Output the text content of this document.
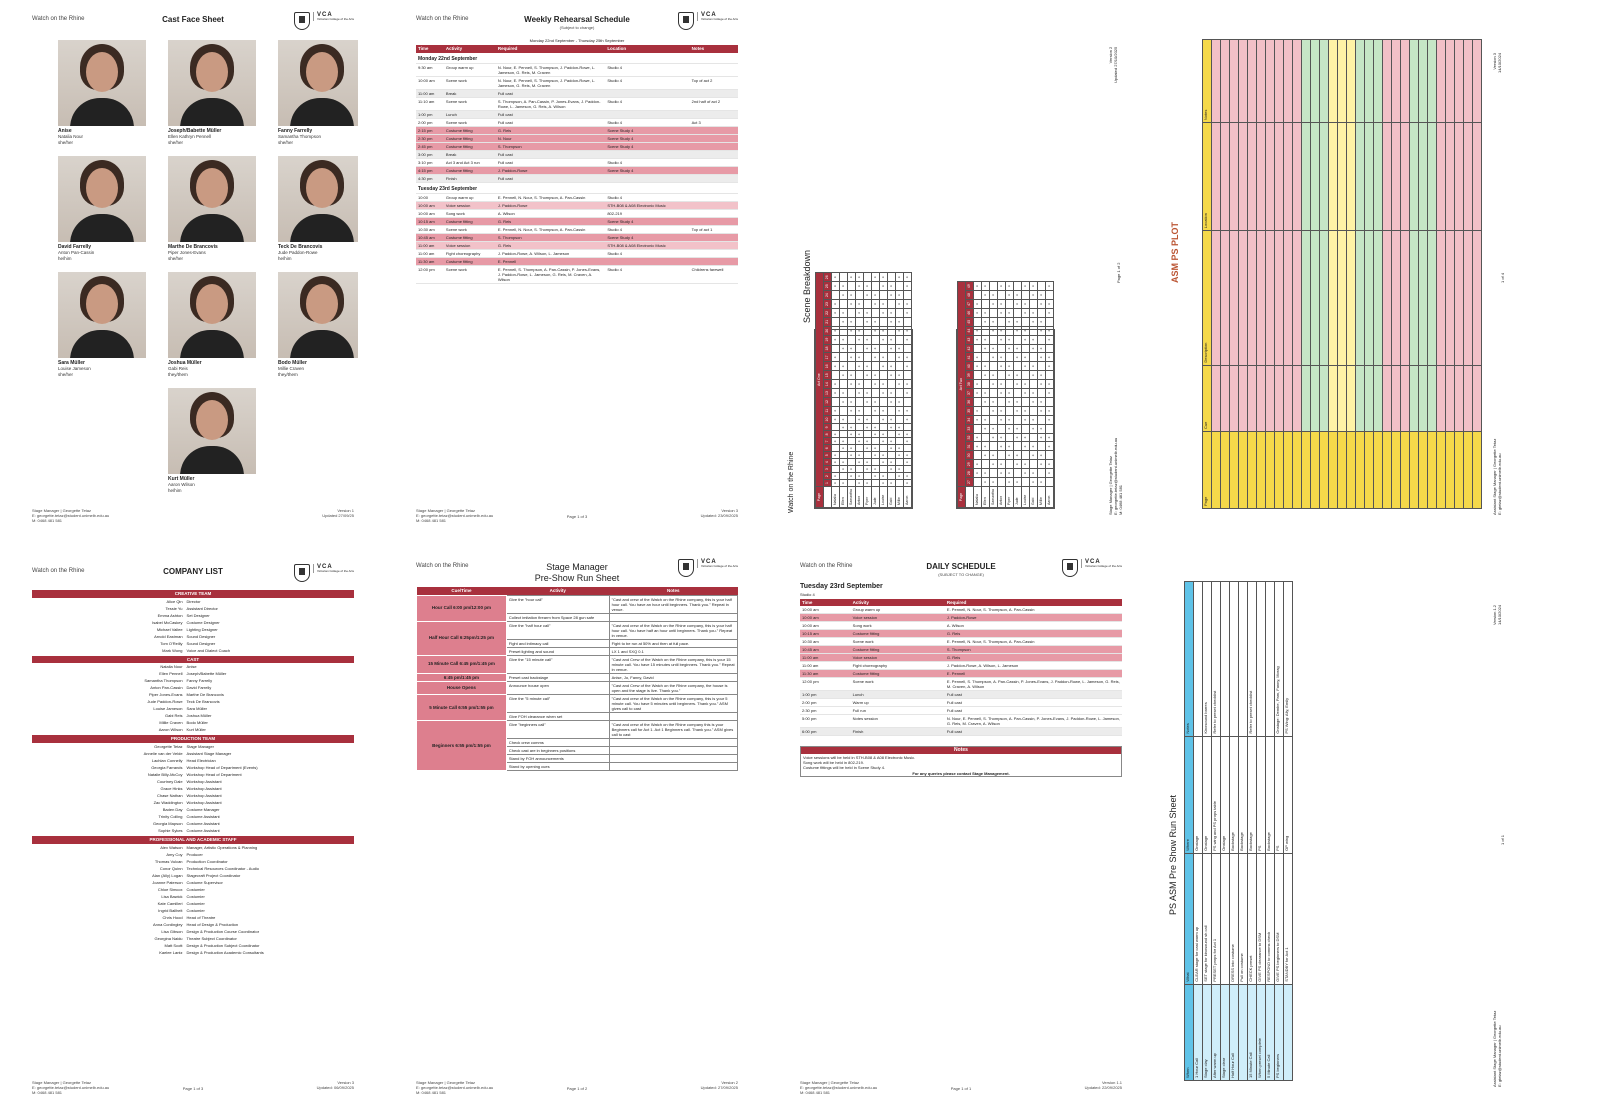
Watch on the Rhine	Cast Face Sheet	VCA
Victorian College of the Arts
Anise
Natalia Nour
she/her
Joseph/Babette Müller
Ellen Kathryn Pennell
she/her
Fanny Farrelly
Samantha Thompson
she/her
David Farrelly
Anton Pan-Cassin
he/him
Marthe De Brancovis
Piper Jones-Evans
she/her
Teck De Brancovis
Jude Paddon-Rowe
he/him
Sara Müller
Louise Jameson
she/her
Joshua Müller
Gabi Reis
they/them
Bodo Müller
Millie Craven
they/them
Kurt Müller
Aaron Wilson
he/him
Stage Manager | Georgette Tetaz
E: georgette.tetaz@student.unimelb.edu.au
M: 0468 481 581
Version 1
Updated 27/09/25
Watch on the Rhine	Weekly Rehearsal Schedule
(Subject to change)
VCA
Victorian College of the Arts
Monday 22nd September - Thursday 25th September
Time	Activity	Required	Location	Notes
Monday 22nd September				
9:30 am	Group warm up	N. Nour, E. Pennell, S. Thompson, J. Paddon-Rowe, L. Jameson, G. Reis, M. Craven	Studio 4	
10:00 am	Scene work	N. Nour, E. Pennell, S. Thompson, J. Paddon-Rowe, L. Jameson, G. Reis, M. Craven	Studio 4	Top of act 2
11:00 am	Break	Full cast		
11:10 am	Scene work	S. Thompson, A. Pan-Cassin, P. Jones-Evans, J. Paddon-Rowe, L. Jameson, G. Reis, A. Wilson	Studio 4	2nd half of act 2
1:00 pm	Lunch	Full cast		
2:00 pm	Scene work	Full cast	Studio 4	Act 3
2:15 pm	Costume fitting	G. Reis	Scene Study 4	
2:30 pm	Costume fitting	N. Nour	Scene Study 4	
2:45 pm	Costume fitting	S. Thompson	Scene Study 4	
3:00 pm	Break	Full cast		
3:10 pm	Act 3 and Act 3 run	Full cast	Studio 4	
4:15 pm	Costume fitting	J. Paddon-Rowe	Scene Study 4	
4:30 pm	Finish	Full cast		
Tuesday 23rd September				
10:00	Group warm up	E. Pennell, N. Nour, S. Thompson, A. Pan-Cassin	Studio 4	
10:00 am	Voice session	J. Paddon-Rowe	STH-B08 & A08 Electronic Music	
10:00 am	Song work	A. Wilson	802-219	
10:15 am	Costume fitting	G. Reis	Scene Study 4	
10:30 am	Scene work	E. Pennell, N. Nour, S. Thompson, A. Pan-Cassin	Studio 4	Top of act 1
10:45 am	Costume fitting	S. Thompson	Scene Study 4	
11:00 am	Voice session	G. Reis	STH-B08 & A08 Electronic Music	
11:00 am	Fight choreography	J. Paddon-Rowe, A. Wilson, L. Jameson	Studio 4	
11:30 am	Costume fitting	E. Pennell		
12:00 pm	Scene work	E. Pennell, S. Thompson, A. Pan-Cassin, P. Jones-Evans, J. Paddon-Rowe, L. Jameson, G. Reis, M. Craven, A. Wilson	Studio 4	Childrens farewell
Stage Manager | Georgette Tetaz
E: georgette.tetaz@student.unimelb.edu.au
M: 0468 481 581
Page 1 of 3
Version 3
Updated: 23/09/2025
Watch on the Rhine
Scene Breakdown
Page	Act One																									
	1	2	3	4	5	6	7	8	9	10	11	12	13	14	15	16	17	18	19	20	21	22	23	24	25	26
Natalia	x	x		x	x		x	x		x	x		x	x		x	x		x	x		x	x		x	x
Ellen	x		x	x		x	x		x	x		x	x		x	x		x	x		x	x		x	x	
Samantha		x	x		x	x		x	x		x	x		x	x		x	x		x	x		x	x		x
Anton	x	x		x	x		x	x		x	x		x	x		x	x		x	x		x	x		x	x
Piper	x		x	x		x	x		x	x		x	x		x	x		x	x		x	x		x	x	
Jude		x	x		x	x		x	x		x	x		x	x		x	x		x	x		x	x		x
Louise	x	x		x	x		x	x		x	x		x	x		x	x		x	x		x	x		x	x
Gabi	x		x	x		x	x		x	x		x	x		x	x		x	x		x	x		x	x	
Millie		x	x		x	x		x	x		x	x		x	x		x	x		x	x		x	x		x
Aaron	x	x		x	x		x	x		x	x		x	x		x	x		x	x		x	x		x	x
Page	Act Two																						
	27	28	29	30	31	32	33	34	35	36	37	38	39	40	41	42	43	44	45	46	47	48	49
Natalia		x	x		x	x		x	x		x	x		x	x		x	x		x	x		x
Ellen	x	x		x	x		x	x		x	x		x	x		x	x		x	x		x	x
Samantha	x		x	x		x	x		x	x		x	x		x	x		x	x		x	x	
Anton		x	x		x	x		x	x		x	x		x	x		x	x		x	x		x
Piper	x	x		x	x		x	x		x	x		x	x		x	x		x	x		x	x
Jude	x		x	x		x	x		x	x		x	x		x	x		x	x		x	x	
Louise		x	x		x	x		x	x		x	x		x	x		x	x		x	x		x
Gabi	x	x		x	x		x	x		x	x		x	x		x	x		x	x		x	x
Millie	x		x	x		x	x		x	x		x	x		x	x		x	x		x	x	
Aaron		x	x		x	x		x	x		x	x		x	x		x	x		x	x		x
Stage Manager | Georgette Tetaz
E: georgette.tetaz@student.unimelb.edu.au
M: 0468 481 581
Page 1 of 2
Version 2
Updated 27/10/2025
ASM PS PLOT
Page	Cue	Description	Location	Notes

Assistant Stage Manager | Georgette Tetaz
E: gtetaz@student.unimelb.edu.au
1 of 4
Version 3
14/10/2024
Watch on the Rhine	COMPANY LIST	VCA
Victorian College of the Arts
CREATIVE TEAM
Alice Qin	Director
Tessie Yu	Assistant Director
Emma Ashton	Set Designer
Isabel McCaskey	Costume Designer
Michael Vallee	Lighting Designer
Arnold Eastman	Sound Designer
Tom O'Reilly	Sound Designer
Mark Wong	Voice and Dialect Coach
CAST
Natalia Nour	Anise
Ellen Pennell	Joseph/Babette Müller
Samantha Thompson	Fanny Farrelly
Anton Pan-Cassin	David Farrelly
Piper Jones-Evans	Marthe De Brancovis
Jude Paddon-Rowe	Teck De Brancovis
Louise Jameson	Sara Müller
Gabi Reis	Joshua Müller
Millie Craven	Bodo Müller
Aaron Wilson	Kurt Müller
PRODUCTION TEAM
Georgette Tetaz	Stage Manager
Annelie van der Velde	Assistant Stage Manager
Lachlan Connelly	Head Electrician
Georgia Farrands	Workshop Head of Department (Events)
Natalie Billy-McCoy	Workshop Head of Department
Courtney Dale	Workshop Assistant
Grace Hinks	Workshop Assistant
Chase Nathan	Workshop Assistant
Zac Waddington	Workshop Assistant
Baden Day	Costume Manager
Trinity Colling	Costume Assistant
Georgia Mapson	Costume Assistant
Sophie Sykes	Costume Assistant
PROFESSIONAL AND ACADEMIC STAFF
Alex Watson	Manager, Artistic Operations & Planning
Amy Coy	Producer
Thomas Vulcan	Production Coordinator
Conor Quinn	Technical Resources Coordinator - Audio
Alan (Ally) Logan	Stagecraft Project Coordinator
Joanne Paterson	Costume Supervisor
Chloe Simcox	Costumier
Lisa Bawick	Costumier
Kate Camilleri	Costumier
Ingrid Ballheit	Costumier
Chris Hood	Head of Theatre
Anna Cordingley	Head of Design & Production
Lisa Gibson	Design & Production Course Coordinator
Georgina Naidu	Theatre Subject Coordinator
Matt Scott	Design & Production Subject Coordinator
Kaelee Lantz	Design & Production Academic Consultants
Stage Manager | Georgette Tetaz
E: georgette.tetaz@student.unimelb.edu.au
M: 0468 481 581
Page 1 of 3
Version 3
Updated: 06/09/2025
Watch on the Rhine	Stage Manager
Pre-Show Run Sheet
VCA
Victorian College of the Arts
Cue/Time	Activity	Notes
Hour Call 6:00 pm/12:00 pm	Give the "hour call"	"Cast and crew of the Watch on the Rhine company, this is your half hour call. You have an hour until beginners. Thank you." Repeat in venue.
	Collect imitation firearm from Space 28 gun safe	
Half Hour Call 6:25pm/1:25 pm	Give the "half hour call"	"Cast and crew of the Watch on the Rhine company, this is your half hour call. You have half an hour until beginners. Thank you." Repeat in venue.
	Fight and intimacy call	Fight to be run at 50% and then at full pace.
	Preset lighting and sound	LX 1 and SXQ 0.1
15 Minute Call 6:45 pm/1:45 pm	Give the "15 minute call"	"Cast and Crew of the Watch on the Rhine company, this is your 15 minute call. You have 15 minutes until beginners. Thank you." Repeat in venue.
6:45 pm/1:45 pm	Preset cast backstage	Anise, Jo, Fanny, David
House Opens	Announce house open	"Cast and Crew of the Watch on the Rhine company, the house is open and the stage is live. Thank you."
5 Minute Call 6:55 pm/1:55 pm	Give the "5 minute call"	"Cast and crew of the Watch on the Rhine company, this is your 5 minute call. You have 5 minutes until beginners. Thank you." ASM gives call to cast
	Give FOH clearance when set	
Beginners 6:55 pm/1:55 pm	Give "beginners call"	"Cast and crew of the Watch on the Rhine company this is your Beginners call for Act 1. Act 1 Beginners call. Thank you." ASM gives call to cast
	Check crew comms	
	Check cast are in beginners positions	
	Stand by FOH announcements	
	Stand by opening cues	
Stage Manager | Georgette Tetaz
E: georgette.tetaz@student.unimelb.edu.au
M: 0468 481 581
Page 1 of 2
Version 2
Updated: 27/09/2025
Watch on the Rhine	DAILY SCHEDULE
(SUBJECT TO CHANGE)
VCA
Victorian College of the Arts
Tuesday 23rd September
Studio 4
Time	Activity	Required
10:00 am	Group warm up	E. Pennell, N. Nour, S. Thompson, A. Pan-Cassin
10:00 am	Voice session	J. Paddon-Rowe
10:00 am	Song work	A. Wilson
10:15 am	Costume fitting	G. Reis
10:30 am	Scene work	E. Pennell, N. Nour, S. Thompson, A. Pan-Cassin
10:45 am	Costume fitting	S. Thompson
11:00 am	Voice session	G. Reis
11:00 am	Fight choreography	J. Paddon-Rowe, A. Wilson, L. Jameson
11:30 am	Costume fitting	E. Pennell
12:00 pm	Scene work	E. Pennell, S. Thompson, A. Pan-Cassin, P. Jones-Evans, J. Paddon-Rowe, L. Jameson, G. Reis, M. Craven, A. Wilson
1:00 pm	Lunch	Full cast
2:00 pm	Warm up	Full cast
2:30 pm	Full run	Full cast
5:00 pm	Notes session	N. Nour, E. Pennell, S. Thompson, A. Pan-Cassin, P. Jones-Evans, J. Paddon-Rowe, L. Jameson, G. Reis, M. Craven, A. Wilson
6:00 pm	Finish	Full cast
Notes
Voice sessions will be held in STH-B08 & A08 Electronic Music.
Song work will be held in 802-219.
Costume fittings will be held in Scene Study 4.
For any queries please contact Stage Management.
Stage Manager | Georgette Tetaz
E: georgette.tetaz@student.unimelb.edu.au
M: 0468 481 581
Page 1 of 1
Version 1.1
Updated: 22/09/2025
PS ASM Pre Show Run Sheet
When	What	Where	Notes
1 Hour Call	CLEAR stage for cast warm up	Onstage	
Stage clay	SET stage for kinosound sh call	Onstage	Kinosound barres
After warm up	PRESET props for Act 1	PS wing and PS props table	Refer to preset checklist
Stage clear		Onstage	
Half Hour Call	DRESS into costume	Backstage	
	Pull on costume	Backstage	
15 Minute Call	CHECK preset	Backstage	Refer to preset checklist
When preset complete	GIVE PS clearance to DSM	PS	
5 Minute Call	RESPOND to comms check	Backstage	
PS beginners	GIVE PS beginners to DSM	PS	Onstage: Dembe, Pam, Fanny, Morag
	STANDBY for Act 1	OP wing	PS Wing: Ally, Emily
Assistant Stage Manager | Georgette Tetaz
E: gtetaz@student.unimelb.edu.au
1 of 1
Version 1.2
14/10/2024
